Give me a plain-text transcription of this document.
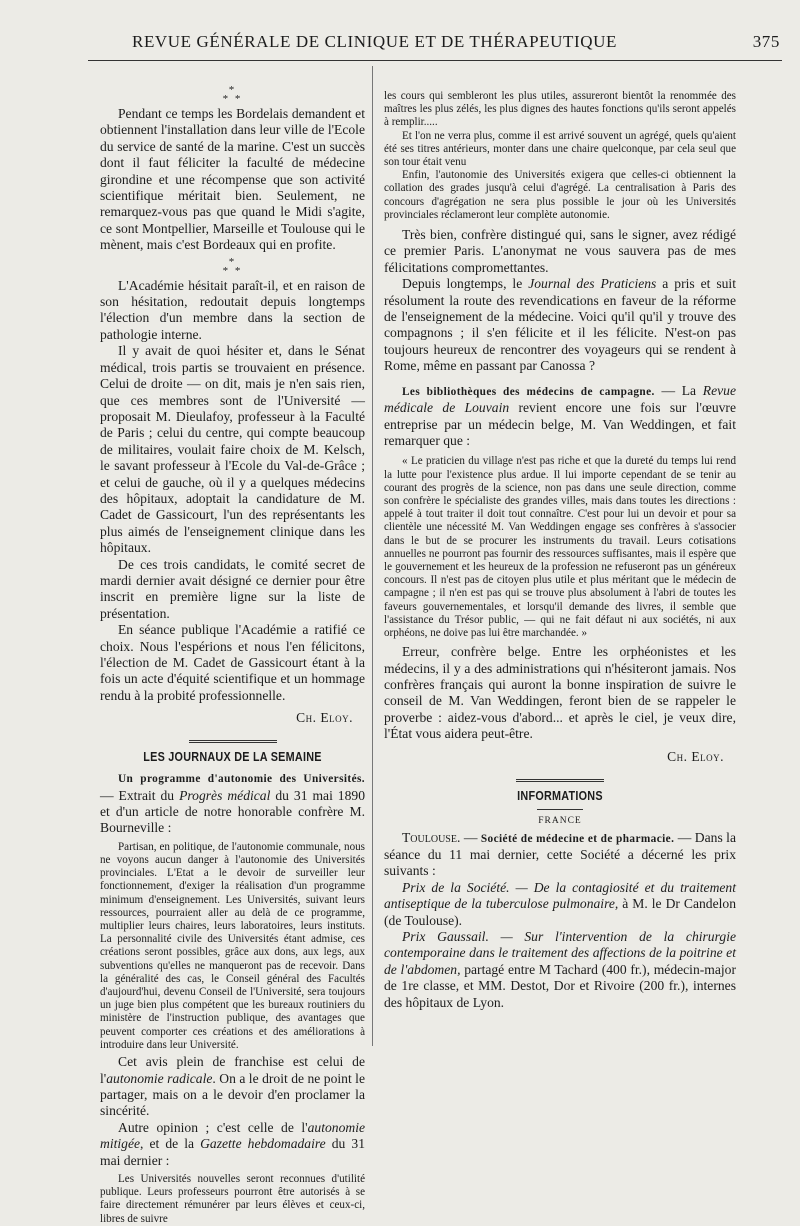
REVUE GÉNÉRALE DE CLINIQUE ET DE THÉRAPEUTIQUE	375
*
* *

Pendant ce temps les Bordelais demandent et obtiennent l'installation dans leur ville de l'Ecole du service de santé de la marine. C'est un succès dont il faut féliciter la faculté de médecine girondine et une récompense que son activité scientifique méritait bien. Seulement, ne remarquez-vous pas que quand le Midi s'agite, ce sont Montpellier, Marseille et Toulouse qui le mènent, mais c'est Bordeaux qui en profite.

*
* *

L'Académie hésitait paraît-il, et en raison de son hésitation, redoutait depuis longtemps l'élection d'un membre dans la section de pathologie interne.

Il y avait de quoi hésiter et, dans le Sénat médical, trois partis se trouvaient en présence. Celui de droite — on dit, mais je n'en sais rien, que ces membres sont de l'Université — proposait M. Dieulafoy, professeur à la Faculté de Paris ; celui du centre, qui compte beaucoup de militaires, voulait faire choix de M. Kelsch, le savant professeur à l'Ecole du Val-de-Grâce ; et celui de gauche, où il y a quelques médecins des hôpitaux, adoptait la candidature de M. Cadet de Gassicourt, l'un des représentants les plus aimés de l'enseignement clinique dans les hôpitaux.

De ces trois candidats, le comité secret de mardi dernier avait désigné ce dernier pour être inscrit en première ligne sur la liste de présentation.

En séance publique l'Académie a ratifié ce choix. Nous l'espérions et nous l'en félicitons, l'élection de M. Cadet de Gassicourt étant à la fois un acte d'équité scientifique et un hommage rendu à la probité professionnelle.

Ch. Eloy.
LES JOURNAUX DE LA SEMAINE

Un programme d'autonomie des Universités. — Extrait du Progrès médical du 31 mai 1890 et d'un article de notre honorable confrère M. Bourneville :

Partisan, en politique, de l'autonomie communale, nous ne voyons aucun danger à l'autonomie des Universités provinciales. L'Etat a le devoir de surveiller leur fonctionnement, d'exiger la réalisation d'un programme minimum d'enseignement. Les Universités, suivant leurs ressources, pourraient aller au delà de ce programme, multiplier leurs chaires, leurs laboratoires, leurs instituts. La personnalité civile des Universités étant admise, ces créations seront possibles, grâce aux dons, aux legs, aux subventions qu'elles ne manqueront pas de recevoir. Dans la généralité des cas, le Conseil général des Facultés d'aujourd'hui, devenu Conseil de l'Université, sera toujours un juge bien plus compétent que les bureaux routiniers du ministère de l'instruction publique, des avantages que peuvent comporter ces créations et des améliorations à introduire dans leur Université.

Cet avis plein de franchise est celui de l'autonomie radicale. On a le droit de ne point le partager, mais on a le devoir d'en proclamer la sincérité.

Autre opinion ; c'est celle de l'autonomie mitigée, et de la Gazette hebdomadaire du 31 mai dernier :

Les Universités nouvelles seront reconnues d'utilité publique. Leurs professeurs pourront être autorisés à se faire directement rémunérer par leurs élèves et ceux-ci, libres de suivre

les cours qui sembleront les plus utiles, assureront bientôt la renommée des maîtres les plus zélés, les plus dignes des hautes fonctions qu'ils seront appelés à remplir.....

Et l'on ne verra plus, comme il est arrivé souvent un agrégé, quels qu'aient été ses titres antérieurs, monter dans une chaire quelconque, par cela seul que son tour était venu

Enfin, l'autonomie des Universités exigera que celles-ci obtiennent la collation des grades jusqu'à celui d'agrégé. La centralisation à Paris des concours d'agrégation ne sera plus possible le jour où les Universités provinciales réclameront leur complète autonomie.

Très bien, confrère distingué qui, sans le signer, avez rédigé ce premier Paris. L'anonymat ne vous sauvera pas de mes félicitations compromettantes.

Depuis longtemps, le Journal des Praticiens a pris et suit résolument la route des revendications en faveur de la réforme de l'enseignement de la médecine. Voici qu'il qu'il y trouve des compagnons ; il s'en félicite et il les félicite. N'est-on pas toujours heureux de rencontrer des voyageurs qui se rendent à Rome, même en passant par Canossa ?

Les bibliothèques des médecins de campagne. — La Revue médicale de Louvain revient encore une fois sur l'œuvre entreprise par un médecin belge, M. Van Weddingen, et fait remarquer que :

« Le praticien du village n'est pas riche et que la dureté du temps lui rend la lutte pour l'existence plus ardue. Il lui importe cependant de se tenir au courant des progrès de la science, non pas dans une seule direction, comme son confrère le spécialiste des grandes villes, mais dans toutes les directions : appelé à tout traiter il doit tout connaître. C'est pour lui un devoir et pour sa clientèle une nécessité M. Van Weddingen engage ses confrères à s'associer dans le but de se procurer les instruments du travail. Leurs cotisations annuelles ne pourront pas fournir des ressources suffisantes, mais il espère que le gouvernement et les heureux de la profession ne refuseront pas un généreux concours. Il n'est pas de citoyen plus utile et plus méritant que le médecin de campagne ; il n'en est pas qui se trouve plus absolument à l'abri de toutes les faveurs gouvernementales, et lorsqu'il demande des livres, il semble que l'assistance du Trésor public, — qui ne fait défaut ni aux sociétés, ni aux orphéons, ne doive pas lui être marchandée. »

Erreur, confrère belge. Entre les orphéonistes et les médecins, il y a des administrations qui n'hésiteront jamais. Nos confrères français qui auront la bonne inspiration de suivre le conseil de M. Van Weddingen, feront bien de se rappeler le proverbe : aidez-vous d'abord... et après le ciel, je veux dire, l'État vous aidera peut-être.

Ch. Eloy.
INFORMATIONS
FRANCE

Toulouse. — Société de médecine et de pharmacie. — Dans la séance du 11 mai dernier, cette Société a décerné les prix suivants :

Prix de la Société. — De la contagiosité et du traitement antiseptique de la tuberculose pulmonaire, à M. le Dr Candelon (de Toulouse).

Prix Gaussail. — Sur l'intervention de la chirurgie contemporaine dans le traitement des affections de la poitrine et de l'abdomen, partagé entre M Tachard (400 fr.), médecin-major de 1re classe, et MM. Destot, Dor et Rivoire (200 fr.), internes des hôpitaux de Lyon.
